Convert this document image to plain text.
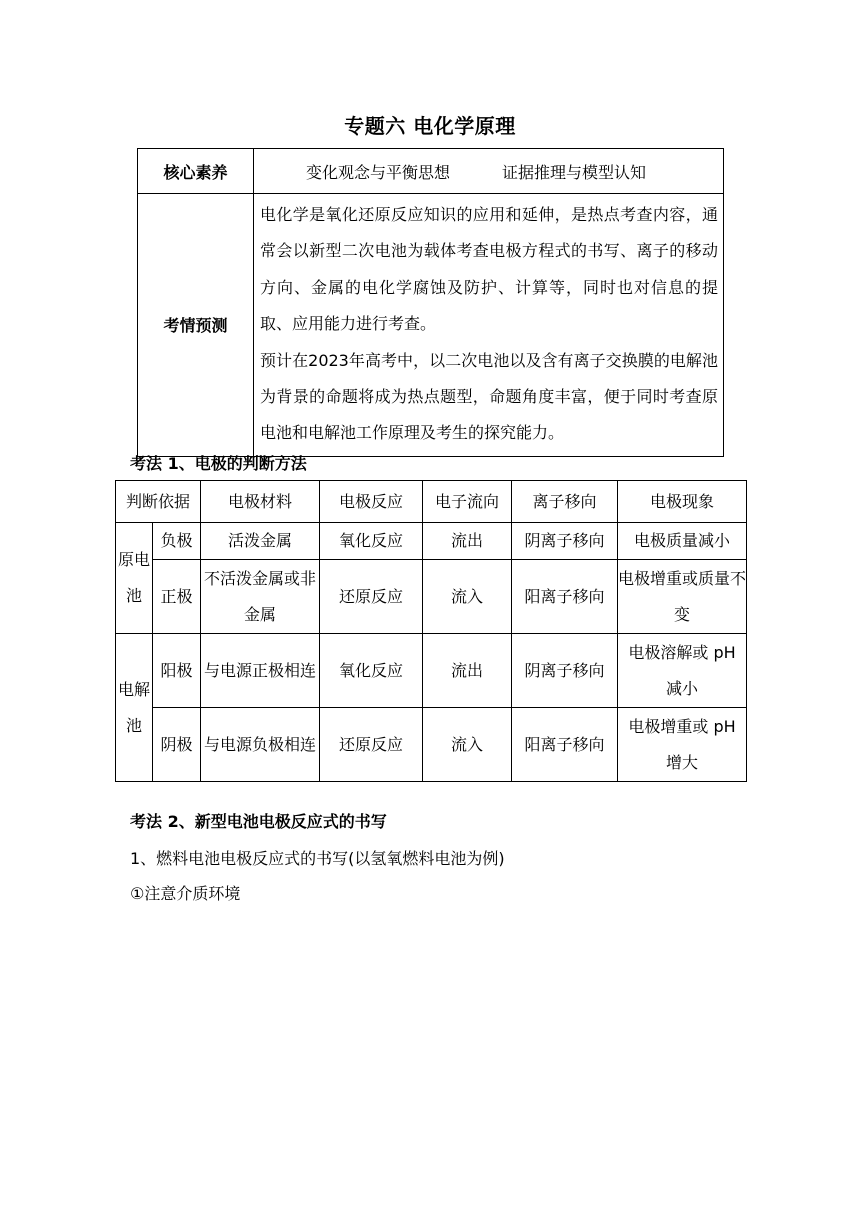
专题六 电化学原理
核心素养	变化观念与平衡思想 证据推理与模型认知
考情预测	电化学是氧化还原反应知识的应用和延伸，是热点考查内容，通常会以新型二次电池为载体考查电极方程式的书写、离子的移动方向、金属的电化学腐蚀及防护、计算等，同时也对信息的提取、应用能力进行考查。

预计在2023年高考中，以二次电池以及含有离子交换膜的电解池为背景的命题将成为热点题型，命题角度丰富，便于同时考查原电池和电解池工作原理及考生的探究能力。

考法 1、电极的判断方法
判断依据		电极材料	电极反应	电子流向	离子移向	电极现象
原电池	负极	活泼金属	氧化反应	流出	阴离子移向	电极质量减小
	正极	不活泼金属或非金属	还原反应	流入	阳离子移向	电极增重或质量不变
电解池	阳极	与电源正极相连	氧化反应	流出	阴离子移向	电极溶解或 pH 减小
	阴极	与电源负极相连	还原反应	流入	阳离子移向	电极增重或 pH 增大
考法 2、新型电池电极反应式的书写
1、燃料电池电极反应式的书写(以氢氧燃料电池为例)
①注意介质环境
